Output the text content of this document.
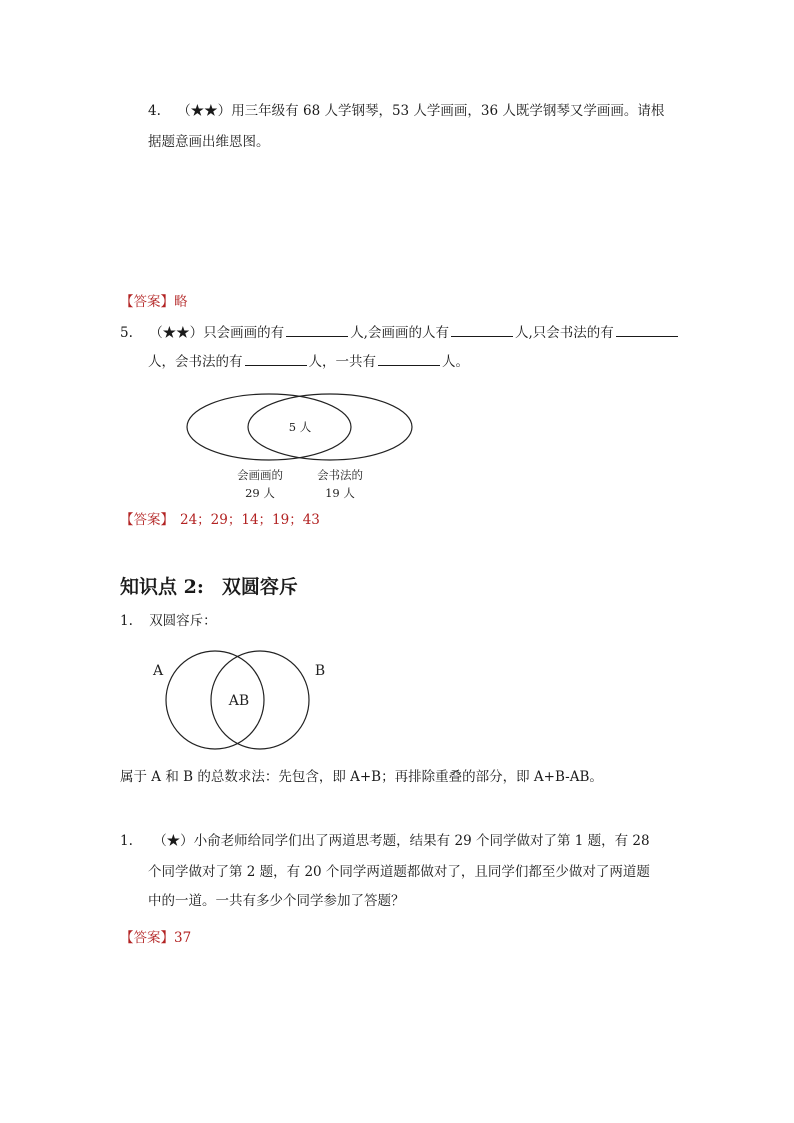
4. （★★）用三年级有 68 人学钢琴，53 人学画画，36 人既学钢琴又学画画。请根
据题意画出维恩图。
【答案】略
5. （★★）只会画画的有	人,会画画的人有	人,只会书法的有
人，会书法的有	人，一共有	人。
5 人
会画画的
29 人
会书法的
19 人
【答案】 24；29；14；19；43
知识点 2: 双圆容斥
1. 双圆容斥：
A	B
AB
属于 A 和 B 的总数求法：先包含，即 A+B；再排除重叠的部分，即 A+B-AB。
1. （★）小俞老师给同学们出了两道思考题，结果有 29 个同学做对了第 1 题，有 28
个同学做对了第 2 题，有 20 个同学两道题都做对了，且同学们都至少做对了两道题
中的一道。一共有多少个同学参加了答题？
【答案】37
